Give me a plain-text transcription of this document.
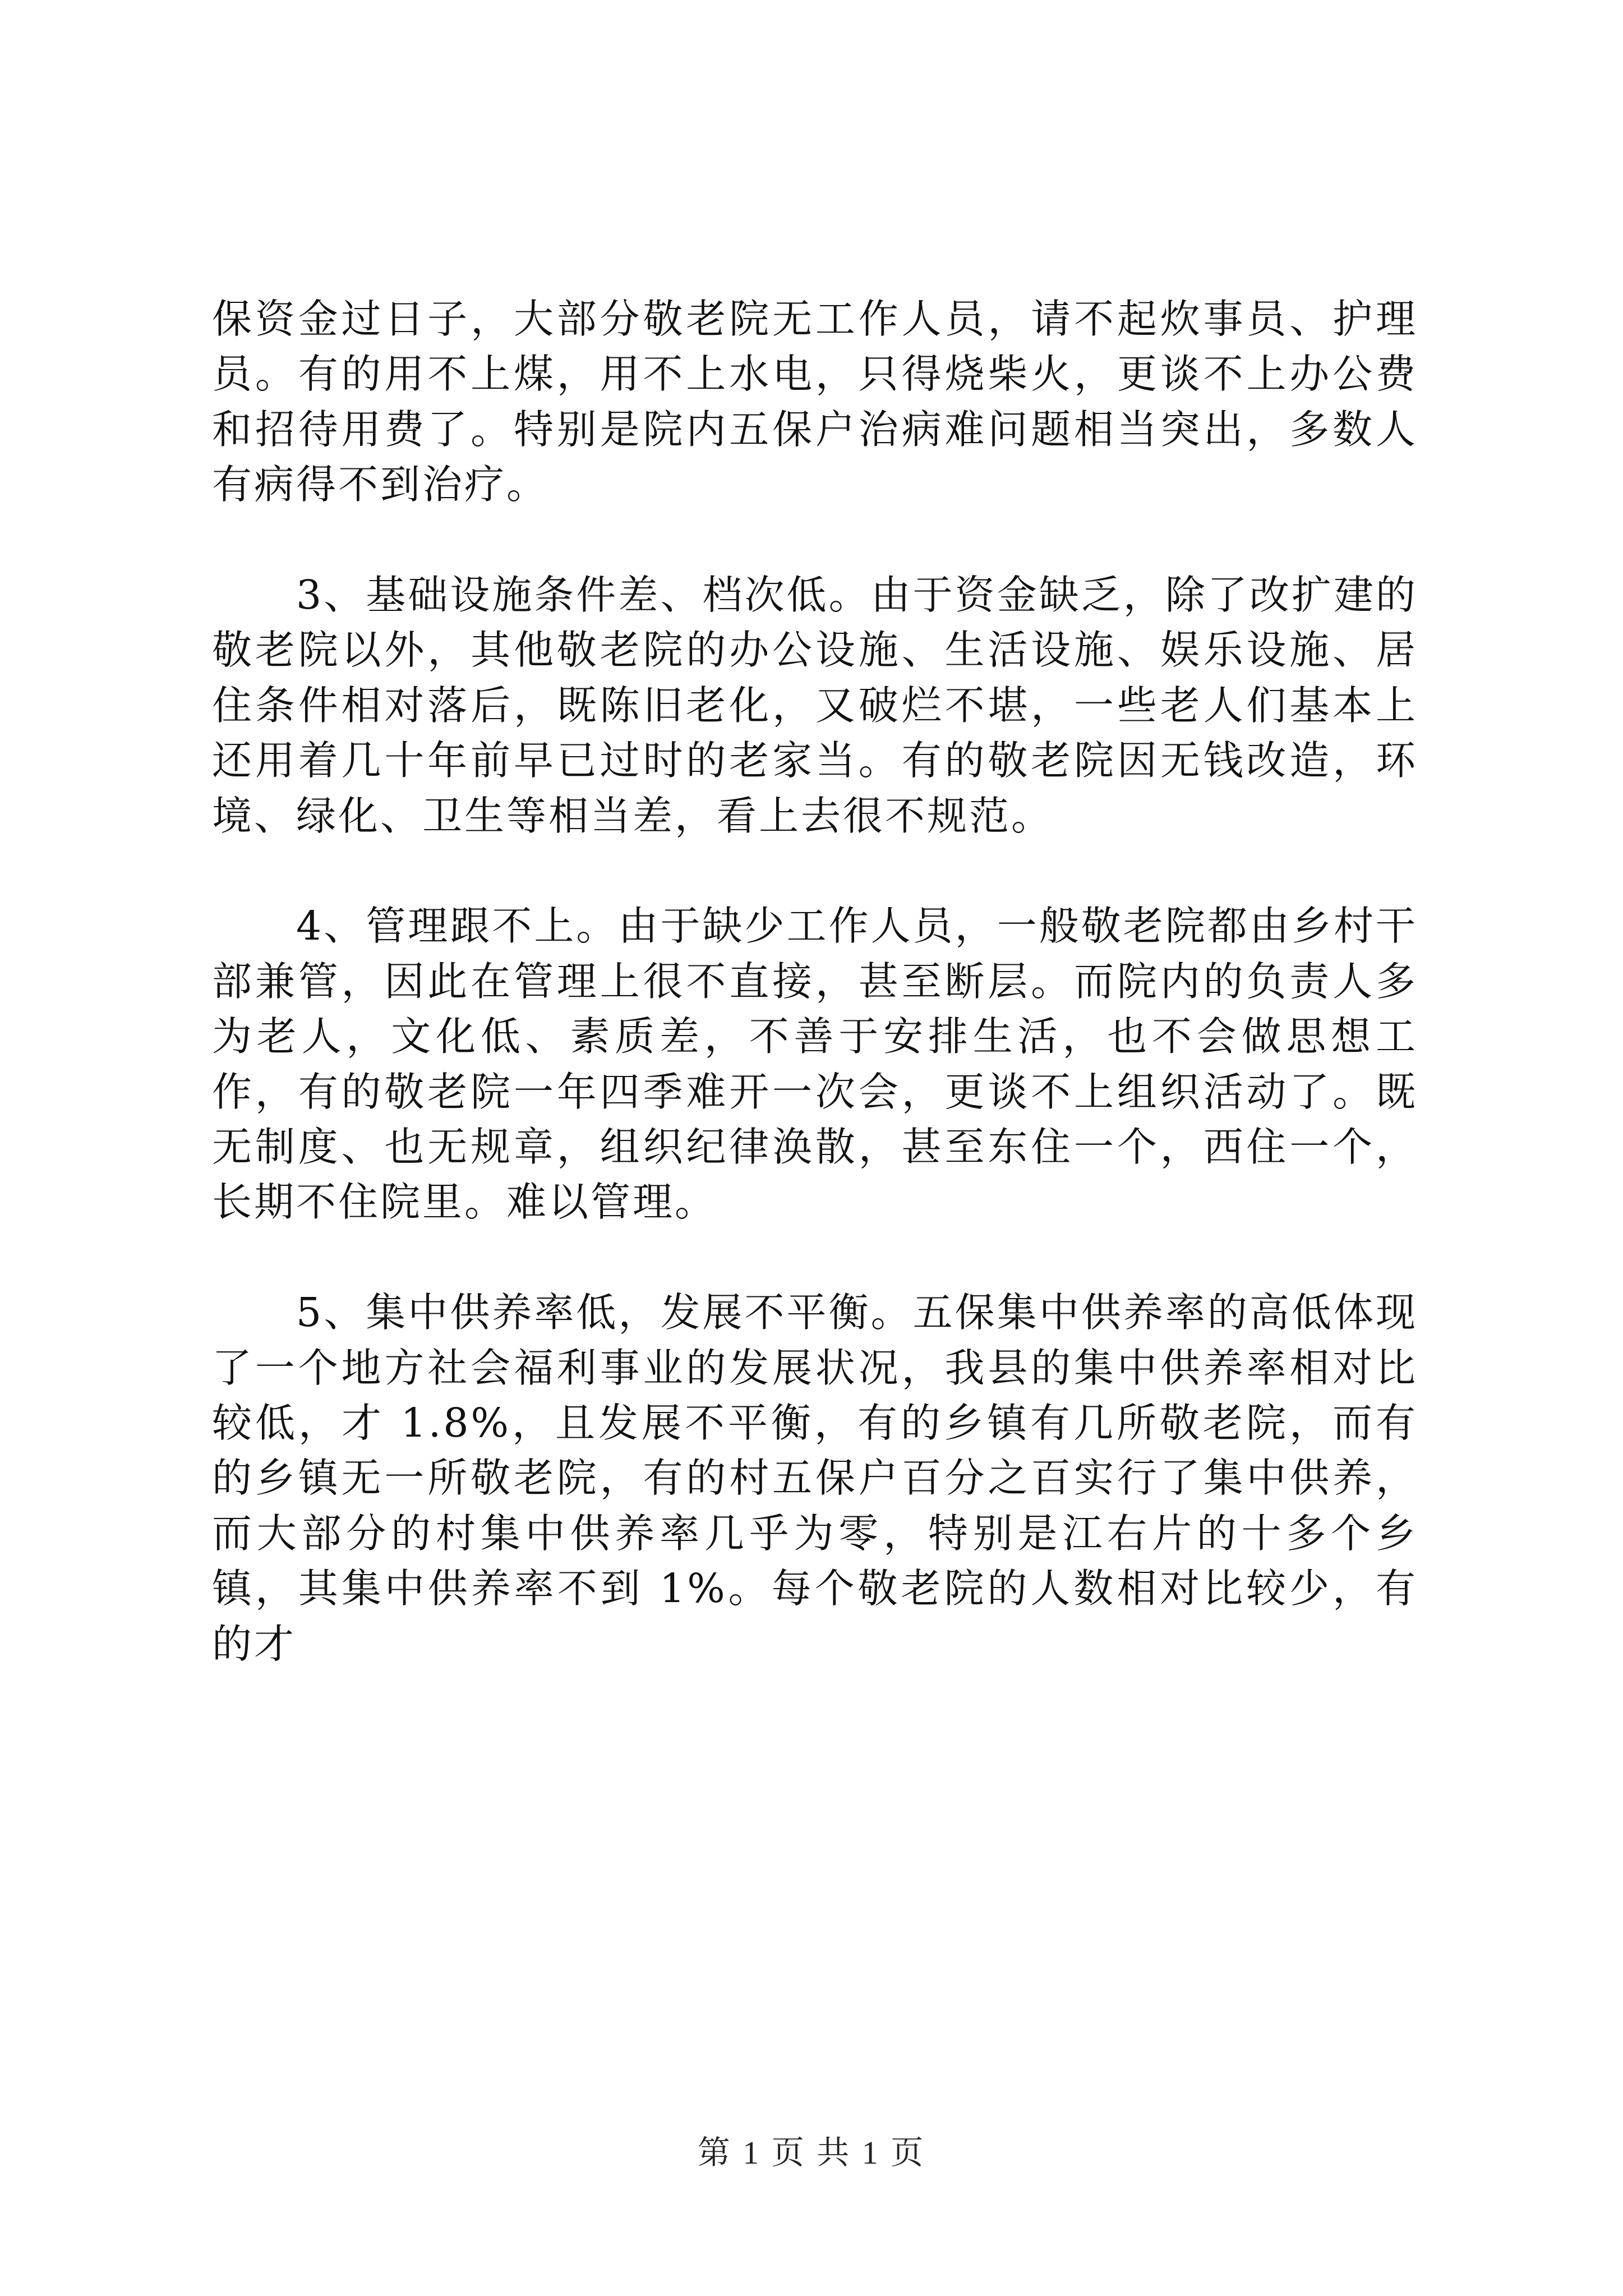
保资金过日子，大部分敬老院无工作人员，请不起炊事员、护理员。有的用不上煤，用不上水电，只得烧柴火，更谈不上办公费和招待用费了。特别是院内五保户治病难问题相当突出，多数人有病得不到治疗。

3、基础设施条件差、档次低。由于资金缺乏，除了改扩建的敬老院以外，其他敬老院的办公设施、生活设施、娱乐设施、居住条件相对落后，既陈旧老化，又破烂不堪，一些老人们基本上还用着几十年前早已过时的老家当。有的敬老院因无钱改造，环境、绿化、卫生等相当差，看上去很不规范。

4、管理跟不上。由于缺少工作人员，一般敬老院都由乡村干部兼管，因此在管理上很不直接，甚至断层。而院内的负责人多为老人，文化低、素质差，不善于安排生活，也不会做思想工作，有的敬老院一年四季难开一次会，更谈不上组织活动了。既无制度、也无规章，组织纪律涣散，甚至东住一个，西住一个，长期不住院里。难以管理。

5、集中供养率低，发展不平衡。五保集中供养率的高低体现了一个地方社会福利事业的发展状况，我县的集中供养率相对比较低，才 1.8%，且发展不平衡，有的乡镇有几所敬老院，而有的乡镇无一所敬老院，有的村五保户百分之百实行了集中供养，而大部分的村集中供养率几乎为零，特别是江右片的十多个乡镇，其集中供养率不到 1%。每个敬老院的人数相对比较少，有的才

第 1 页 共 1 页
